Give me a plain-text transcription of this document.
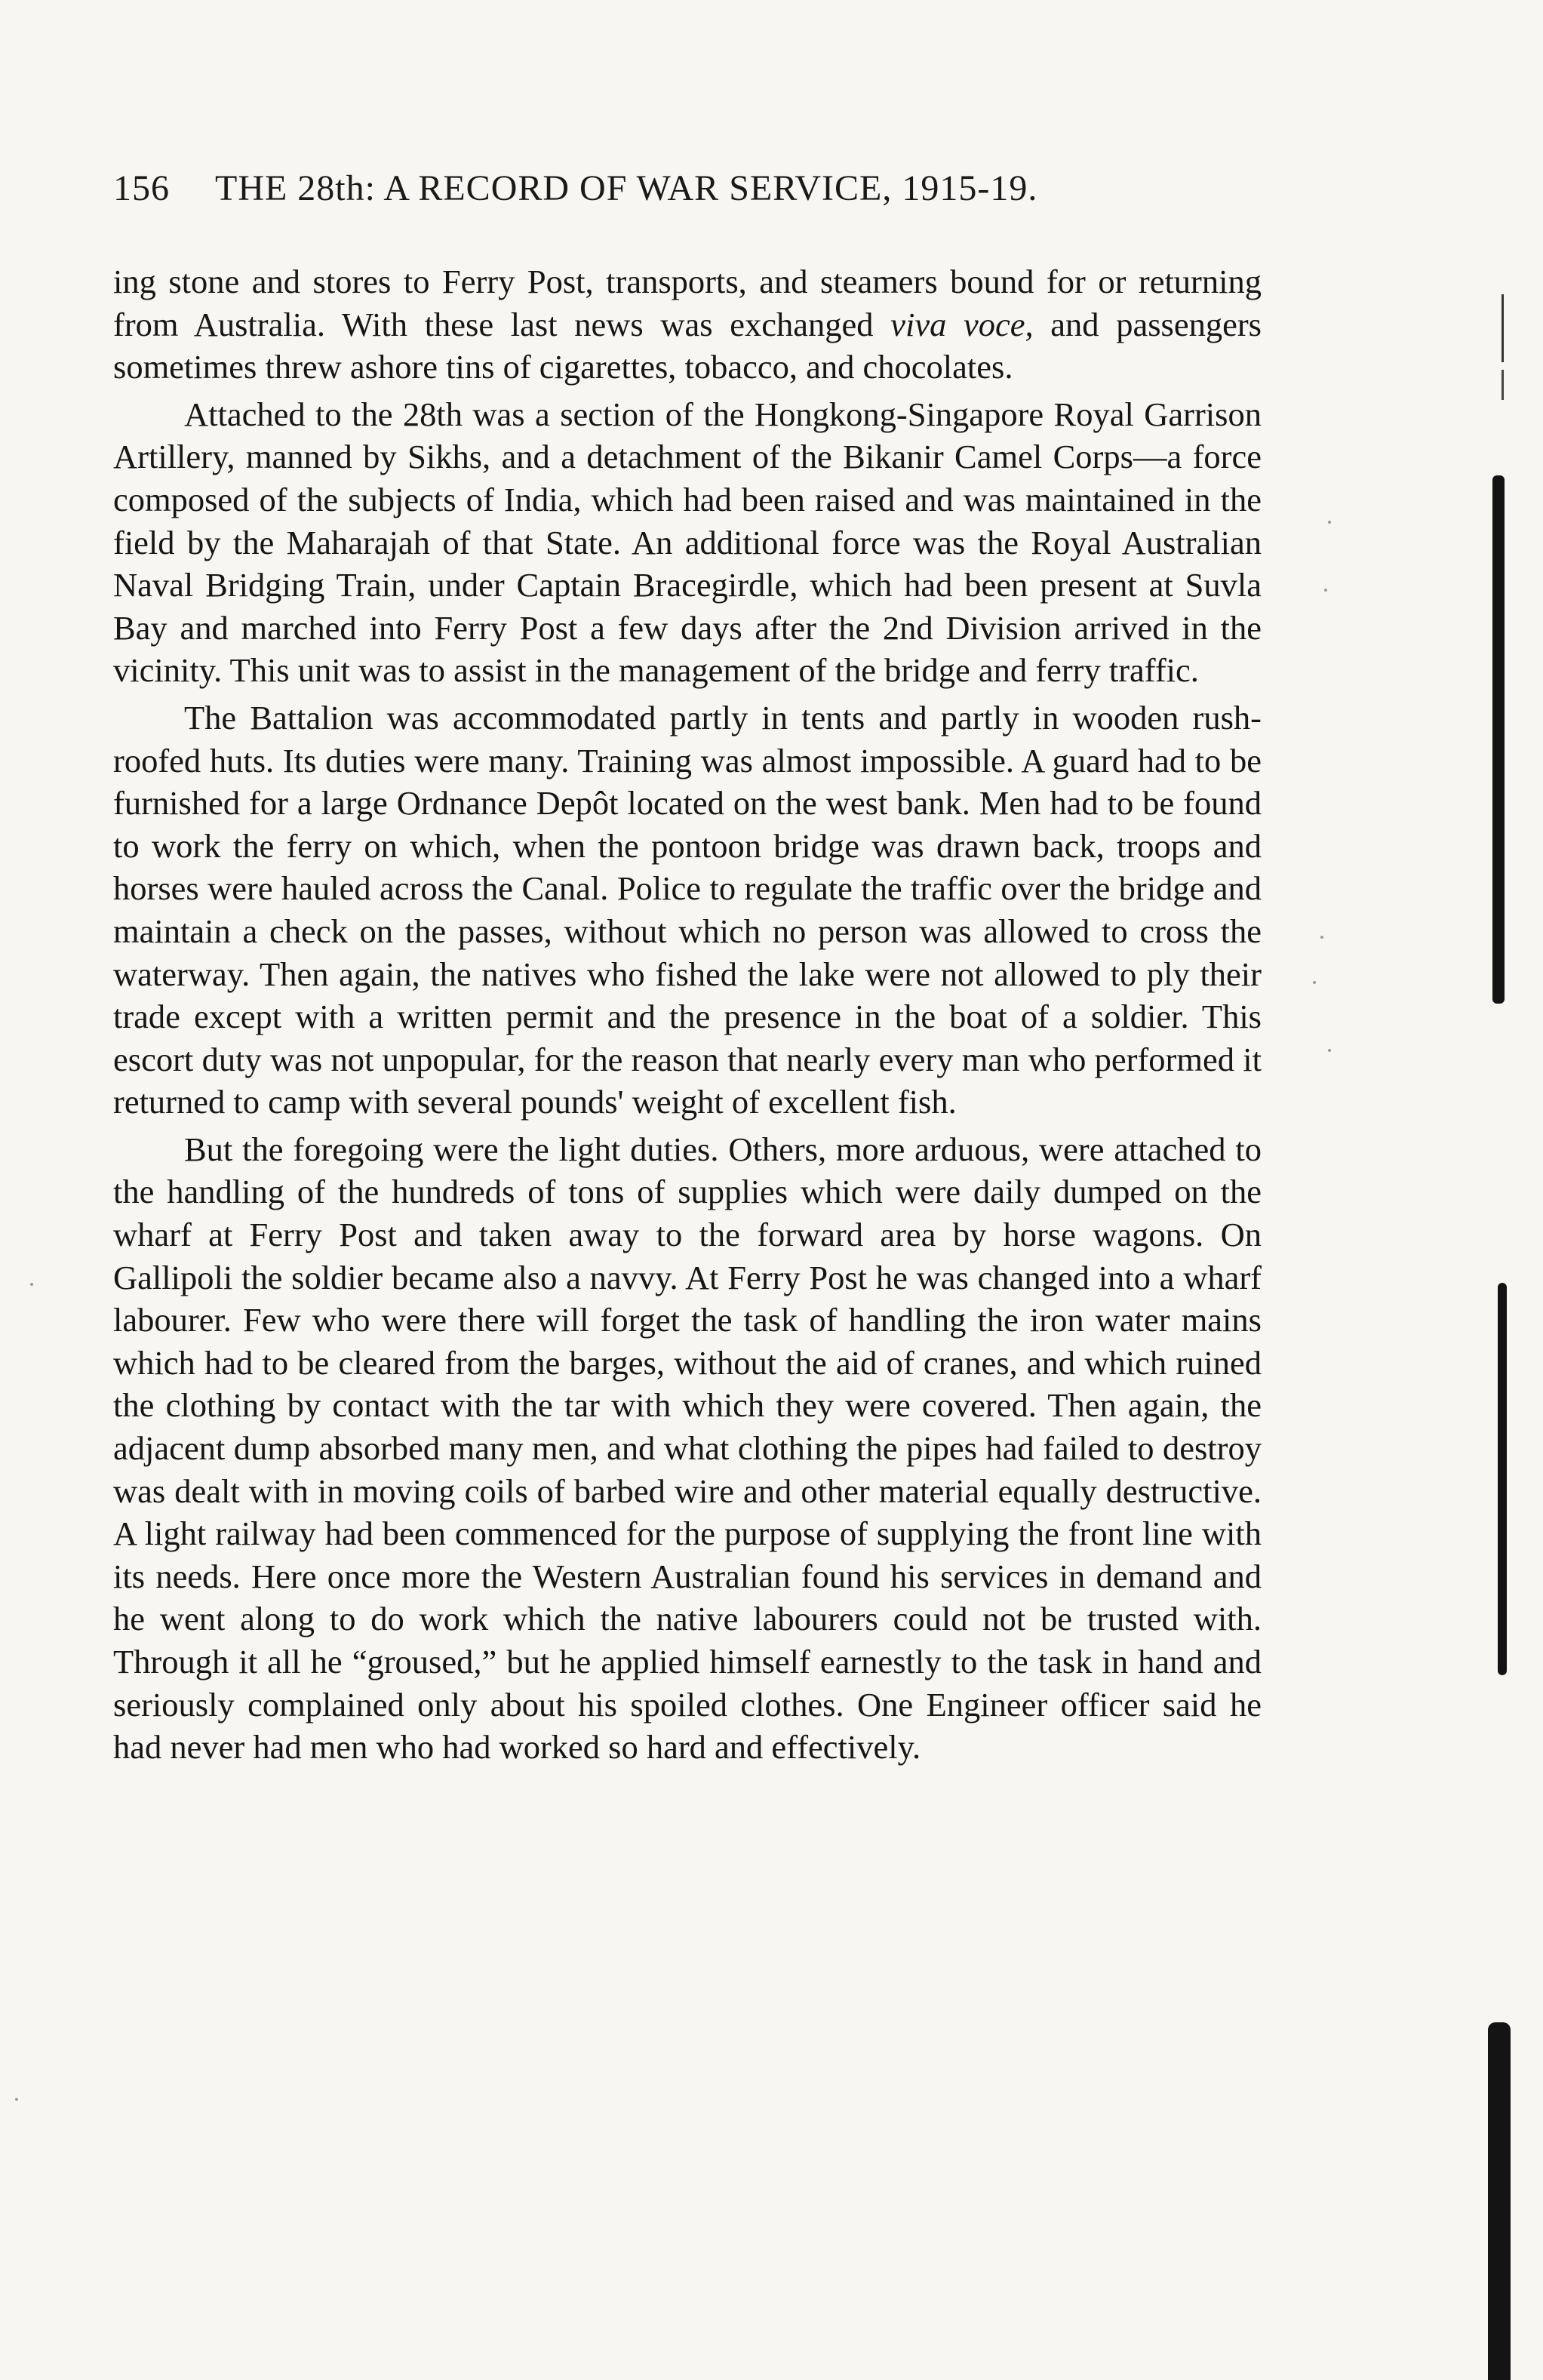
156 THE 28th: A RECORD OF WAR SERVICE, 1915-19.

ing stone and stores to Ferry Post, transports, and steamers bound for or returning from Australia. With these last news was exchanged viva voce, and passengers sometimes threw ashore tins of cigarettes, tobacco, and chocolates.

Attached to the 28th was a section of the Hongkong-Singapore Royal Garrison Artillery, manned by Sikhs, and a detachment of the Bikanir Camel Corps—a force composed of the subjects of India, which had been raised and was maintained in the field by the Maharajah of that State. An additional force was the Royal Australian Naval Bridging Train, under Captain Bracegirdle, which had been present at Suvla Bay and marched into Ferry Post a few days after the 2nd Division arrived in the vicinity. This unit was to assist in the management of the bridge and ferry traffic.

The Battalion was accommodated partly in tents and partly in wooden rush-roofed huts. Its duties were many. Training was almost impossible. A guard had to be furnished for a large Ordnance Depôt located on the west bank. Men had to be found to work the ferry on which, when the pontoon bridge was drawn back, troops and horses were hauled across the Canal. Police to regulate the traffic over the bridge and maintain a check on the passes, without which no person was allowed to cross the waterway. Then again, the natives who fished the lake were not allowed to ply their trade except with a written permit and the presence in the boat of a soldier. This escort duty was not unpopular, for the reason that nearly every man who performed it returned to camp with several pounds' weight of excellent fish.

But the foregoing were the light duties. Others, more arduous, were attached to the handling of the hundreds of tons of supplies which were daily dumped on the wharf at Ferry Post and taken away to the forward area by horse wagons. On Gallipoli the soldier became also a navvy. At Ferry Post he was changed into a wharf labourer. Few who were there will forget the task of handling the iron water mains which had to be cleared from the barges, without the aid of cranes, and which ruined the clothing by contact with the tar with which they were covered. Then again, the adjacent dump absorbed many men, and what clothing the pipes had failed to destroy was dealt with in moving coils of barbed wire and other material equally destructive. A light railway had been commenced for the purpose of supplying the front line with its needs. Here once more the Western Australian found his services in demand and he went along to do work which the native labourers could not be trusted with. Through it all he “groused,” but he applied himself earnestly to the task in hand and seriously complained only about his spoiled clothes. One Engineer officer said he had never had men who had worked so hard and effectively.
